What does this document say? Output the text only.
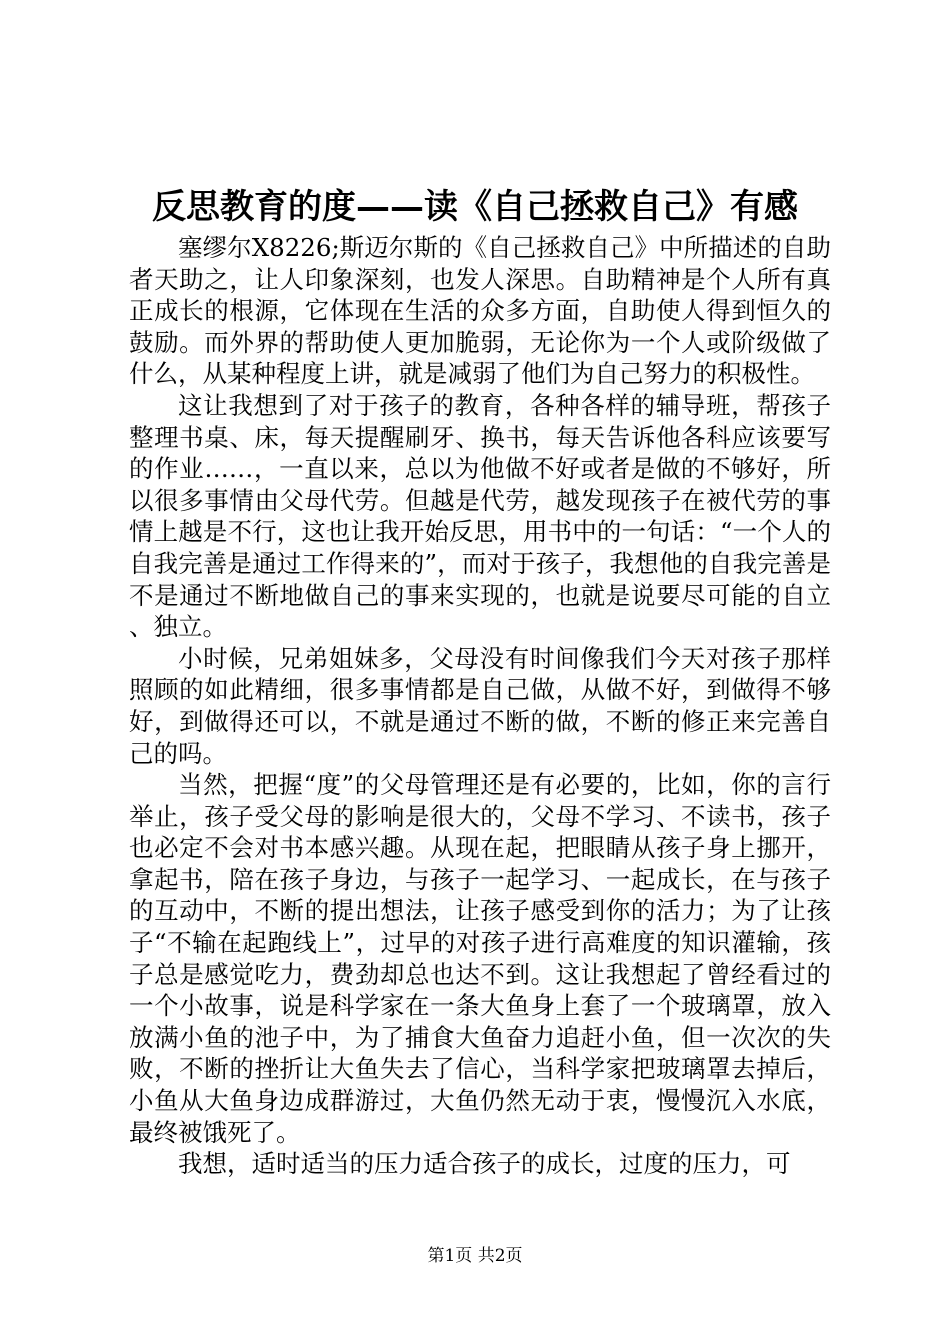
反思教育的度——读《自己拯救自己》有感

塞缪尔X8226;斯迈尔斯的《自己拯救自己》中所描述的自助者天助之，让人印象深刻，也发人深思。自助精神是个人所有真正成长的根源，它体现在生活的众多方面，自助使人得到恒久的鼓励。而外界的帮助使人更加脆弱，无论你为一个人或阶级做了什么，从某种程度上讲，就是减弱了他们为自己努力的积极性。

这让我想到了对于孩子的教育，各种各样的辅导班，帮孩子整理书桌、床，每天提醒刷牙、换书，每天告诉他各科应该要写的作业……，一直以来，总以为他做不好或者是做的不够好，所以很多事情由父母代劳。但越是代劳，越发现孩子在被代劳的事情上越是不行，这也让我开始反思，用书中的一句话：“一个人的自我完善是通过工作得来的”，而对于孩子，我想他的自我完善是不是通过不断地做自己的事来实现的，也就是说要尽可能的自立、独立。

小时候，兄弟姐妹多，父母没有时间像我们今天对孩子那样照顾的如此精细，很多事情都是自己做，从做不好，到做得不够好，到做得还可以，不就是通过不断的做，不断的修正来完善自己的吗。

当然，把握“度”的父母管理还是有必要的，比如，你的言行举止，孩子受父母的影响是很大的，父母不学习、不读书，孩子也必定不会对书本感兴趣。从现在起，把眼睛从孩子身上挪开，拿起书，陪在孩子身边，与孩子一起学习、一起成长，在与孩子的互动中，不断的提出想法，让孩子感受到你的活力；为了让孩子“不输在起跑线上”，过早的对孩子进行高难度的知识灌输，孩子总是感觉吃力，费劲却总也达不到。这让我想起了曾经看过的一个小故事，说是科学家在一条大鱼身上套了一个玻璃罩，放入放满小鱼的池子中，为了捕食大鱼奋力追赶小鱼，但一次次的失败，不断的挫折让大鱼失去了信心，当科学家把玻璃罩去掉后，小鱼从大鱼身边成群游过，大鱼仍然无动于衷，慢慢沉入水底，最终被饿死了。

我想，适时适当的压力适合孩子的成长，过度的压力，可

第1页 共2页
